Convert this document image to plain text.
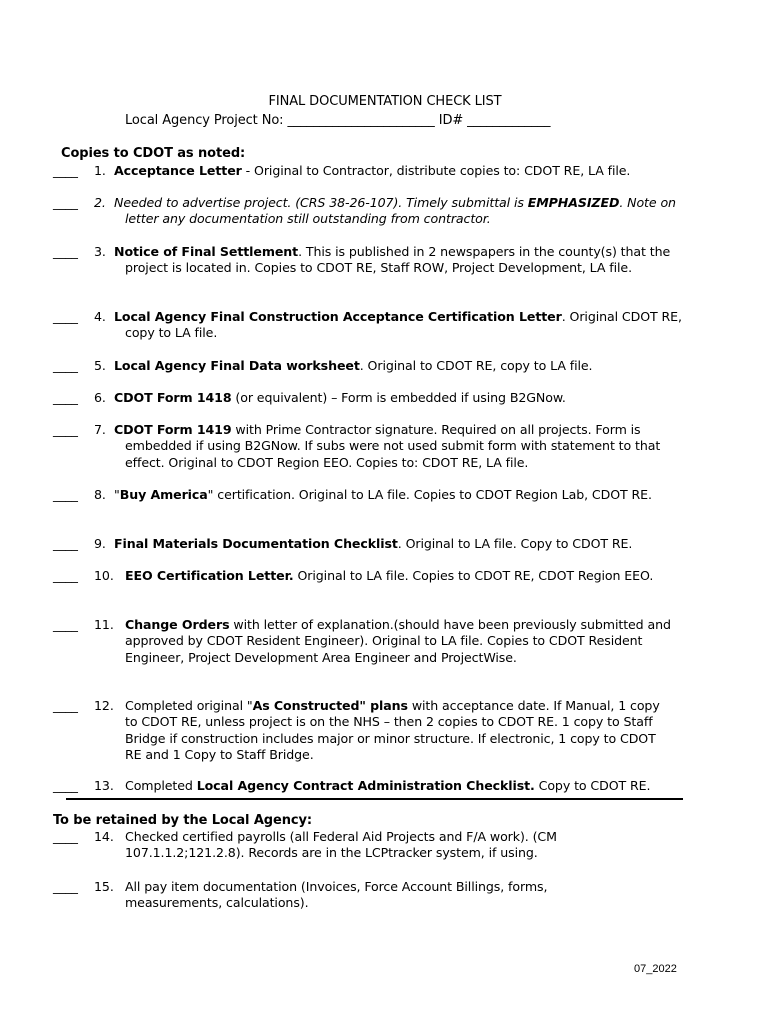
FINAL DOCUMENTATION CHECK LIST
Local Agency Project No: _______________________ ID# _____________
Copies to CDOT as noted:
____ 1. Acceptance Letter - Original to Contractor, distribute copies to: CDOT RE, LA file.
____ 2. Needed to advertise project. (CRS 38-26-107). Timely submittal is EMPHASIZED. Note on letter any documentation still outstanding from contractor.
____ 3. Notice of Final Settlement. This is published in 2 newspapers in the county(s) that the project is located in. Copies to CDOT RE, Staff ROW, Project Development, LA file.
____ 4. Local Agency Final Construction Acceptance Certification Letter. Original CDOT RE, copy to LA file.
____ 5. Local Agency Final Data worksheet. Original to CDOT RE, copy to LA file.
____ 6. CDOT Form 1418 (or equivalent) – Form is embedded if using B2GNow.
____ 7. CDOT Form 1419 with Prime Contractor signature. Required on all projects. Form is embedded if using B2GNow. If subs were not used submit form with statement to that effect. Original to CDOT Region EEO. Copies to: CDOT RE, LA file.
____ 8. "Buy America" certification. Original to LA file. Copies to CDOT Region Lab, CDOT RE.
____ 9. Final Materials Documentation Checklist. Original to LA file. Copy to CDOT RE.
____ 10. EEO Certification Letter. Original to LA file. Copies to CDOT RE, CDOT Region EEO.
____ 11. Change Orders with letter of explanation.(should have been previously submitted and approved by CDOT Resident Engineer). Original to LA file. Copies to CDOT Resident Engineer, Project Development Area Engineer and ProjectWise.
____ 12. Completed original "As Constructed" plans with acceptance date. If Manual, 1 copy to CDOT RE, unless project is on the NHS – then 2 copies to CDOT RE. 1 copy to Staff Bridge if construction includes major or minor structure. If electronic, 1 copy to CDOT RE and 1 Copy to Staff Bridge.
____ 13. Completed Local Agency Contract Administration Checklist. Copy to CDOT RE.
To be retained by the Local Agency:
____ 14. Checked certified payrolls (all Federal Aid Projects and F/A work). (CM 107.1.1.2;121.2.8). Records are in the LCPtracker system, if using.
____ 15. All pay item documentation (Invoices, Force Account Billings, forms, measurements, calculations).
07_2022
